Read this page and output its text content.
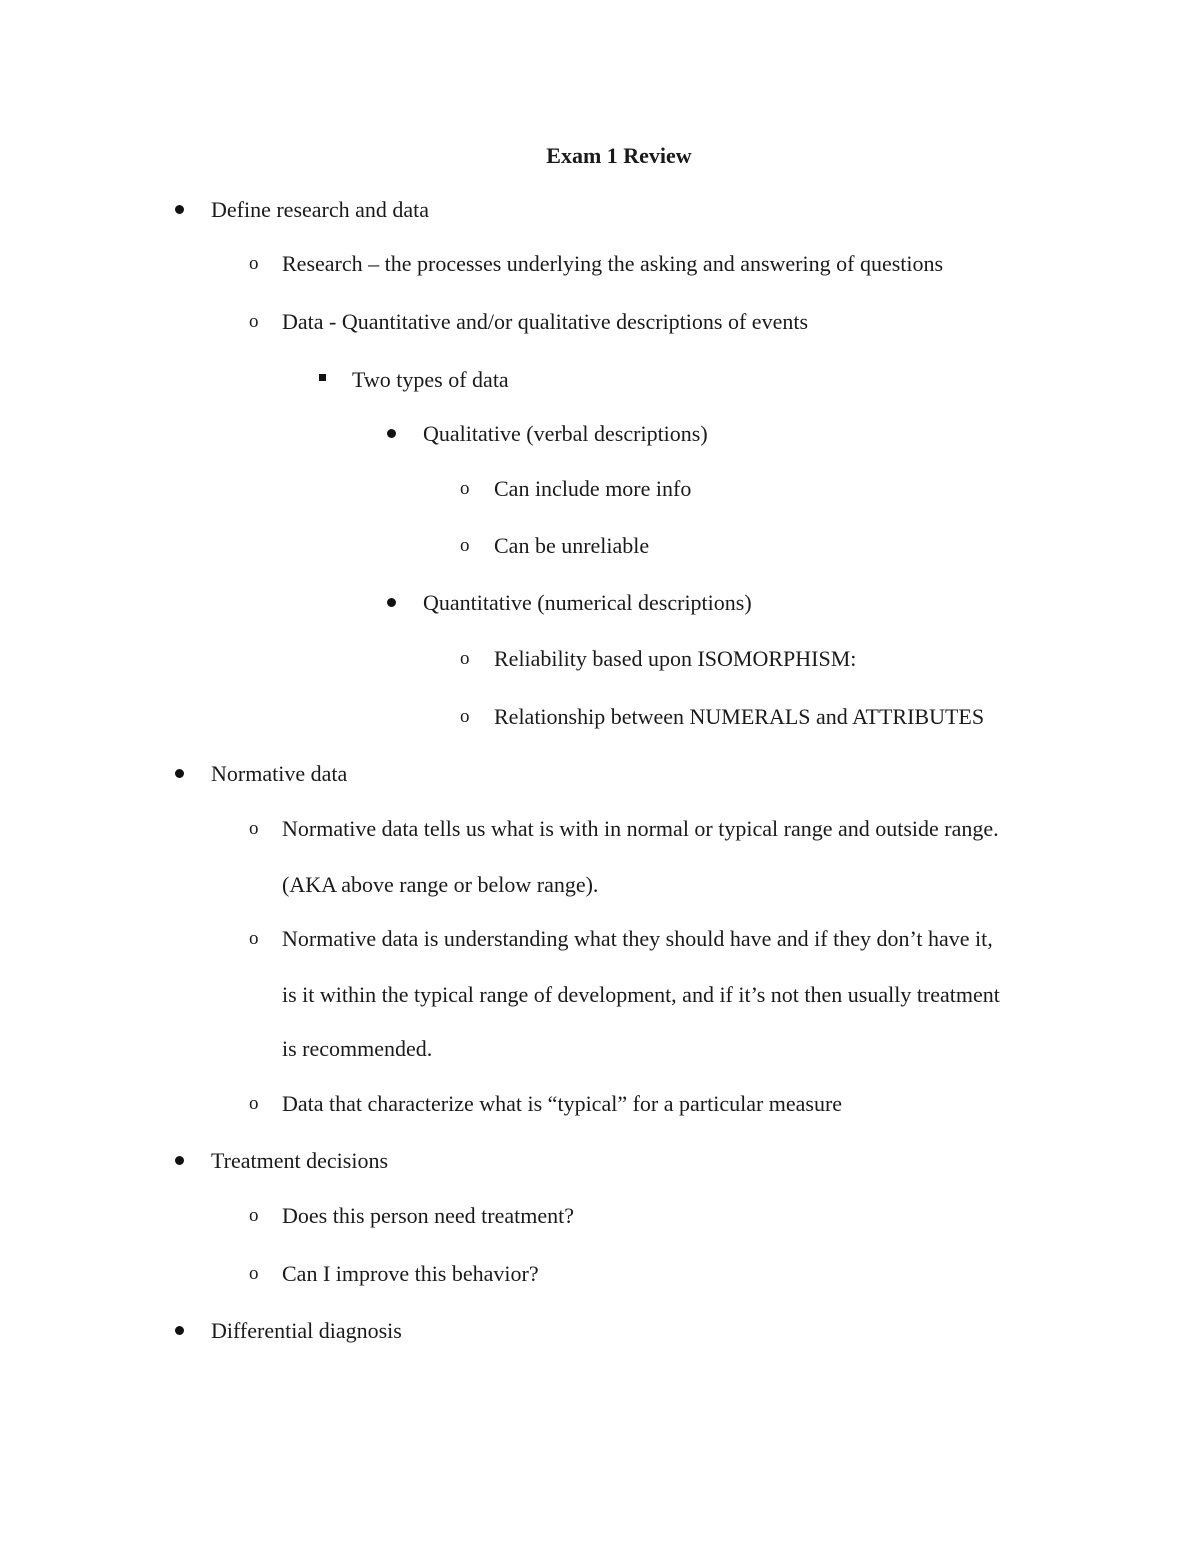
Exam 1 Review
Define research and data
o Research – the processes underlying the asking and answering of questions
o Data - Quantitative and/or qualitative descriptions of events
Two types of data
Qualitative (verbal descriptions)
o Can include more info
o Can be unreliable
Quantitative (numerical descriptions)
o Reliability based upon ISOMORPHISM:
o Relationship between NUMERALS and ATTRIBUTES
Normative data
o Normative data tells us what is with in normal or typical range and outside range.
(AKA above range or below range).
o Normative data is understanding what they should have and if they don’t have it,
is it within the typical range of development, and if it’s not then usually treatment
is recommended.
o Data that characterize what is “typical” for a particular measure
Treatment decisions
o Does this person need treatment?
o Can I improve this behavior?
Differential diagnosis
